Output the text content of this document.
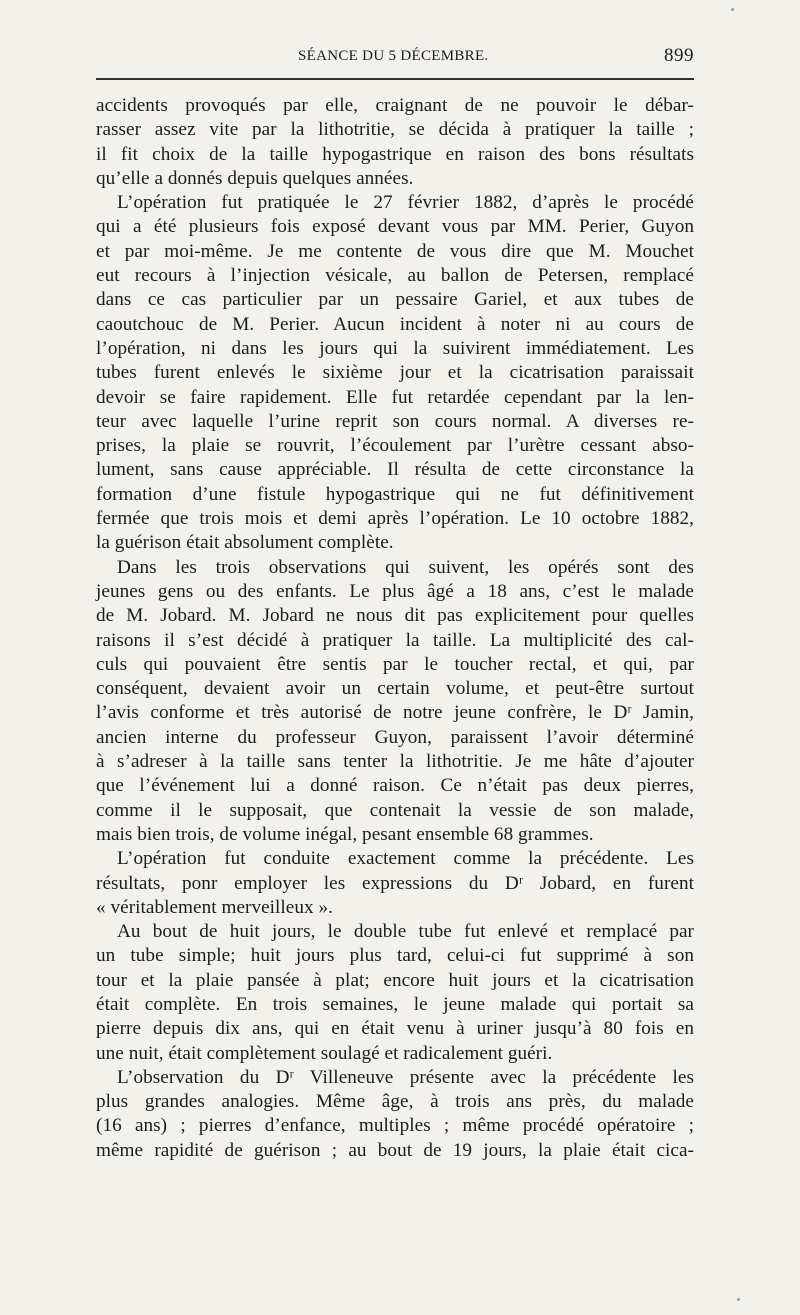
SÉANCE DU 5 DÉCEMBRE.	899
accidents provoqués par elle, craignant de ne pouvoir le débar-
rasser assez vite par la lithotritie, se décida à pratiquer la taille ;
il fit choix de la taille hypogastrique en raison des bons résultats
qu’elle a donnés depuis quelques années.
L’opération fut pratiquée le 27 février 1882, d’après le procédé
qui a été plusieurs fois exposé devant vous par MM. Perier, Guyon
et par moi-même. Je me contente de vous dire que M. Mouchet
eut recours à l’injection vésicale, au ballon de Petersen, remplacé
dans ce cas particulier par un pessaire Gariel, et aux tubes de
caoutchouc de M. Perier. Aucun incident à noter ni au cours de
l’opération, ni dans les jours qui la suivirent immédiatement. Les
tubes furent enlevés le sixième jour et la cicatrisation paraissait
devoir se faire rapidement. Elle fut retardée cependant par la len-
teur avec laquelle l’urine reprit son cours normal. A diverses re-
prises, la plaie se rouvrit, l’écoulement par l’urètre cessant abso-
lument, sans cause appréciable. Il résulta de cette circonstance la
formation d’une fistule hypogastrique qui ne fut définitivement
fermée que trois mois et demi après l’opération. Le 10 octobre 1882,
la guérison était absolument complète.
Dans les trois observations qui suivent, les opérés sont des
jeunes gens ou des enfants. Le plus âgé a 18 ans, c’est le malade
de M. Jobard. M. Jobard ne nous dit pas explicitement pour quelles
raisons il s’est décidé à pratiquer la taille. La multiplicité des cal-
culs qui pouvaient être sentis par le toucher rectal, et qui, par
conséquent, devaient avoir un certain volume, et peut-être surtout
l’avis conforme et très autorisé de notre jeune confrère, le Dʳ Jamin,
ancien interne du professeur Guyon, paraissent l’avoir déterminé
à s’adreser à la taille sans tenter la lithotritie. Je me hâte d’ajouter
que l’événement lui a donné raison. Ce n’était pas deux pierres,
comme il le supposait, que contenait la vessie de son malade,
mais bien trois, de volume inégal, pesant ensemble 68 grammes.
L’opération fut conduite exactement comme la précédente. Les
résultats, ponr employer les expressions du Dʳ Jobard, en furent
« véritablement merveilleux ».
Au bout de huit jours, le double tube fut enlevé et remplacé par
un tube simple; huit jours plus tard, celui-ci fut supprimé à son
tour et la plaie pansée à plat; encore huit jours et la cicatrisation
était complète. En trois semaines, le jeune malade qui portait sa
pierre depuis dix ans, qui en était venu à uriner jusqu’à 80 fois en
une nuit, était complètement soulagé et radicalement guéri.
L’observation du Dʳ Villeneuve présente avec la précédente les
plus grandes analogies. Même âge, à trois ans près, du malade
(16 ans) ; pierres d’enfance, multiples ; même procédé opératoire ;
même rapidité de guérison ; au bout de 19 jours, la plaie était cica-
